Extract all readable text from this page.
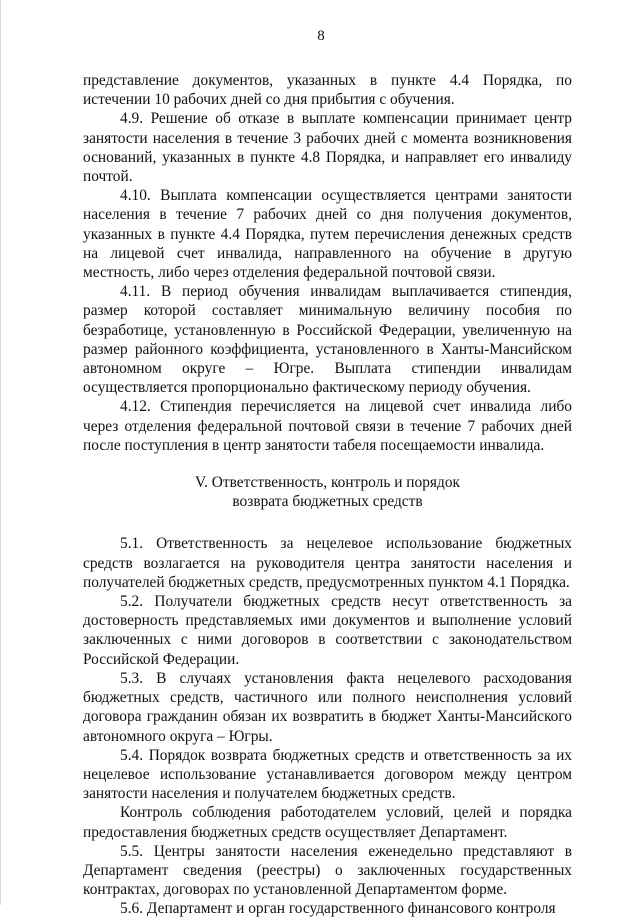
8

представление документов, указанных в пункте 4.4 Порядка, по истечении 10 рабочих дней со дня прибытия с обучения.

4.9. Решение об отказе в выплате компенсации принимает центр занятости населения в течение 3 рабочих дней с момента возникновения оснований, указанных в пункте 4.8 Порядка, и направляет его инвалиду почтой.

4.10. Выплата компенсации осуществляется центрами занятости населения в течение 7 рабочих дней со дня получения документов, указанных в пункте 4.4 Порядка, путем перечисления денежных средств на лицевой счет инвалида, направленного на обучение в другую местность, либо через отделения федеральной почтовой связи.

4.11. В период обучения инвалидам выплачивается стипендия, размер которой составляет минимальную величину пособия по безработице, установленную в Российской Федерации, увеличенную на размер районного коэффициента, установленного в Ханты-Мансийском автономном округе – Югре. Выплата стипендии инвалидам осуществляется пропорционально фактическому периоду обучения.

4.12. Стипендия перечисляется на лицевой счет инвалида либо через отделения федеральной почтовой связи в течение 7 рабочих дней после поступления в центр занятости табеля посещаемости инвалида.

V. Ответственность, контроль и порядок

возврата бюджетных средств

5.1. Ответственность за нецелевое использование бюджетных средств возлагается на руководителя центра занятости населения и получателей бюджетных средств, предусмотренных пунктом 4.1 Порядка.

5.2. Получатели бюджетных средств несут ответственность за достоверность представляемых ими документов и выполнение условий заключенных с ними договоров в соответствии с законодательством Российской Федерации.

5.3. В случаях установления факта нецелевого расходования бюджетных средств, частичного или полного неисполнения условий договора гражданин обязан их возвратить в бюджет Ханты-Мансийского автономного округа – Югры.

5.4. Порядок возврата бюджетных средств и ответственность за их нецелевое использование устанавливается договором между центром занятости населения и получателем бюджетных средств.

Контроль соблюдения работодателем условий, целей и порядка предоставления бюджетных средств осуществляет Департамент.

5.5. Центры занятости населения еженедельно представляют в Департамент сведения (реестры) о заключенных государственных контрактах, договорах по установленной Департаментом форме.

5.6. Департамент и орган государственного финансового контроля
